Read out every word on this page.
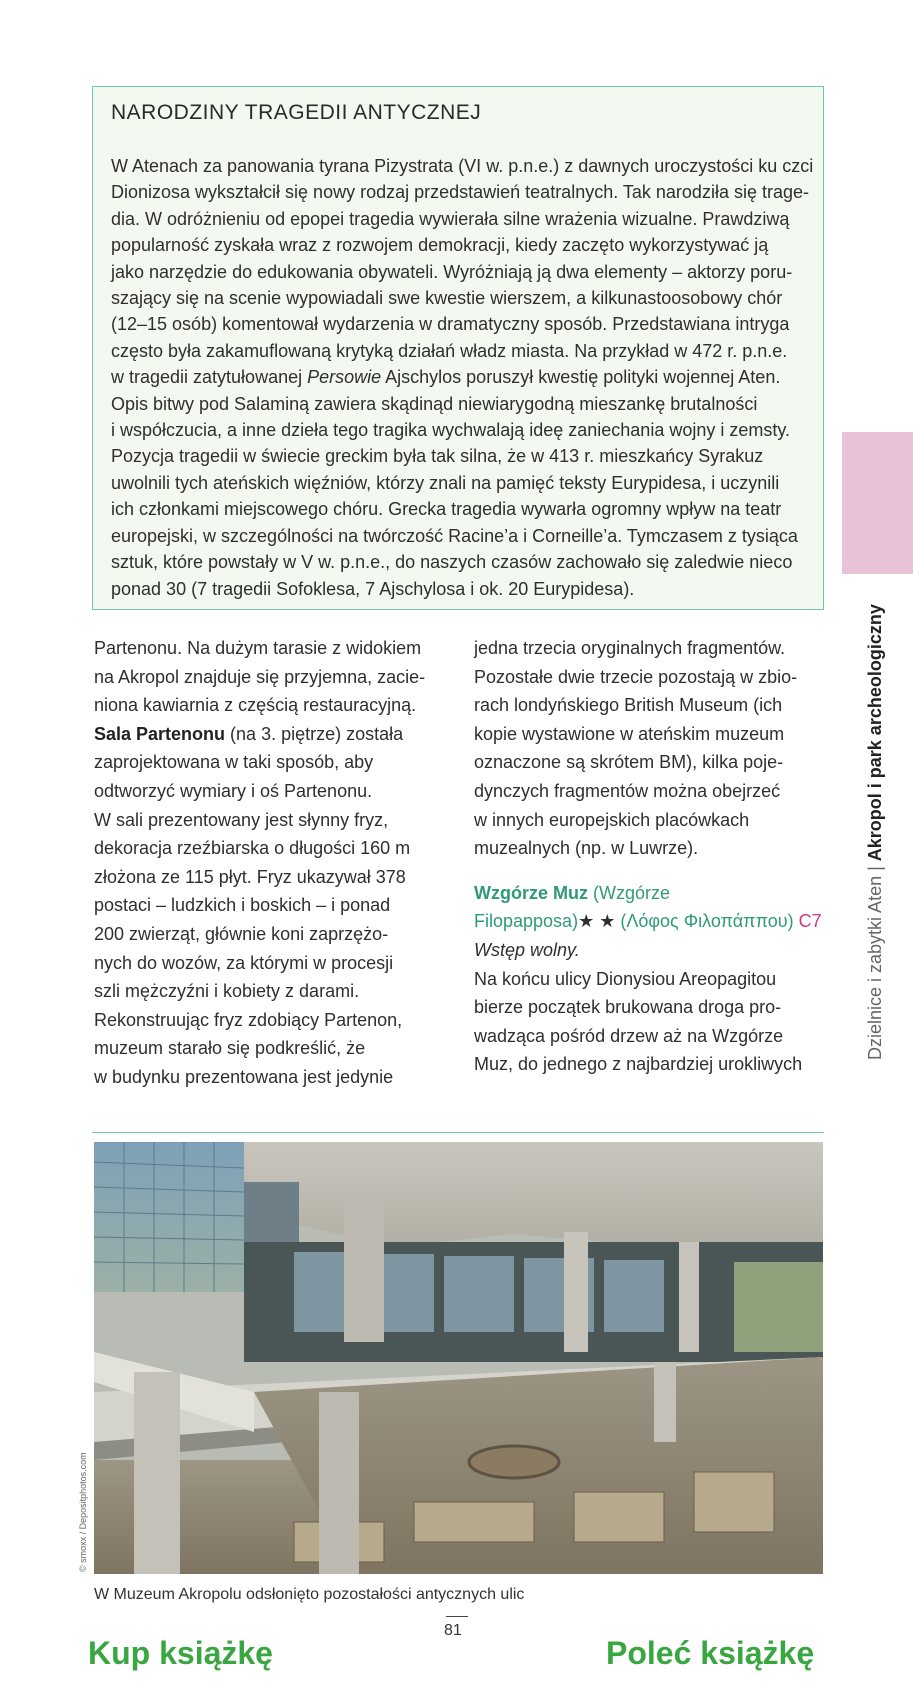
NARODZINY TRAGEDII ANTYCZNEJ

W Atenach za panowania tyrana Pizystrata (VI w. p.n.e.) z dawnych uroczystości ku czci
Dionizosa wykształcił się nowy rodzaj przedstawień teatralnych. Tak narodziła się trage-
dia. W odróżnieniu od epopei tragedia wywierała silne wrażenia wizualne. Prawdziwą
popularność zyskała wraz z rozwojem demokracji, kiedy zaczęto wykorzystywać ją
jako narzędzie do edukowania obywateli. Wyróżniają ją dwa elementy – aktorzy poru-
szający się na scenie wypowiadali swe kwestie wierszem, a kilkunastoosobowy chór
(12–15 osób) komentował wydarzenia w dramatyczny sposób. Przedstawiana intryga
często była zakamuflowaną krytyką działań władz miasta. Na przykład w 472 r. p.n.e.
w tragedii zatytułowanej Persowie Ajschylos poruszył kwestię polityki wojennej Aten.
Opis bitwy pod Salaminą zawiera skądinąd niewiarygodną mieszankę brutalności
i współczucia, a inne dzieła tego tragika wychwalają ideę zaniechania wojny i zemsty.
Pozycja tragedii w świecie greckim była tak silna, że w 413 r. mieszkańcy Syrakuz
uwolnili tych ateńskich więźniów, którzy znali na pamięć teksty Eurypidesa, i uczynili
ich członkami miejscowego chóru. Grecka tragedia wywarła ogromny wpływ na teatr
europejski, w szczególności na twórczość Racine’a i Corneille’a. Tymczasem z tysiąca
sztuk, które powstały w V w. p.n.e., do naszych czasów zachowało się zaledwie nieco
ponad 30 (7 tragedii Sofoklesa, 7 Ajschylosa i ok. 20 Eurypidesa).

Dzielnice i zabytki Aten | Akropol i park archeologiczny

Partenonu. Na dużym tarasie z widokiem
na Akropol znajduje się przyjemna, zacie-
niona kawiarnia z częścią restauracyjną.
Sala Partenonu (na 3. piętrze) została
zaprojektowana w taki sposób, aby
odtworzyć wymiary i oś Partenonu.
W sali prezentowany jest słynny fryz,
dekoracja rzeźbiarska o długości 160 m
złożona ze 115 płyt. Fryz ukazywał 378
postaci – ludzkich i boskich – i ponad
200 zwierząt, głównie koni zaprzężo-
nych do wozów, za którymi w procesji
szli mężczyźni i kobiety z darami.
Rekonstruując fryz zdobiący Partenon,
muzeum starało się podkreślić, że
w budynku prezentowana jest jedynie

jedna trzecia oryginalnych fragmentów.
Pozostałe dwie trzecie pozostają w zbio-
rach londyńskiego British Museum (ich
kopie wystawione w ateńskim muzeum
oznaczone są skrótem BM), kilka poje-
dynczych fragmentów można obejrzeć
w innych europejskich placówkach
muzealnych (np. w Luwrze).
Wzgórze Muz (Wzgórze
Filopapposa)★ ★ (Λόφος Φιλοπάππου) C7
Wstęp wolny.
Na końcu ulicy Dionysiou Areopagitou
bierze początek brukowana droga pro-
wadząca pośród drzew aż na Wzgórze
Muz, do jednego z najbardziej urokliwych

© smoxx / Depositphotos.com
W Muzeum Akropolu odsłonięto pozostałości antycznych ulic
81
Kup książkę	Poleć książkę
